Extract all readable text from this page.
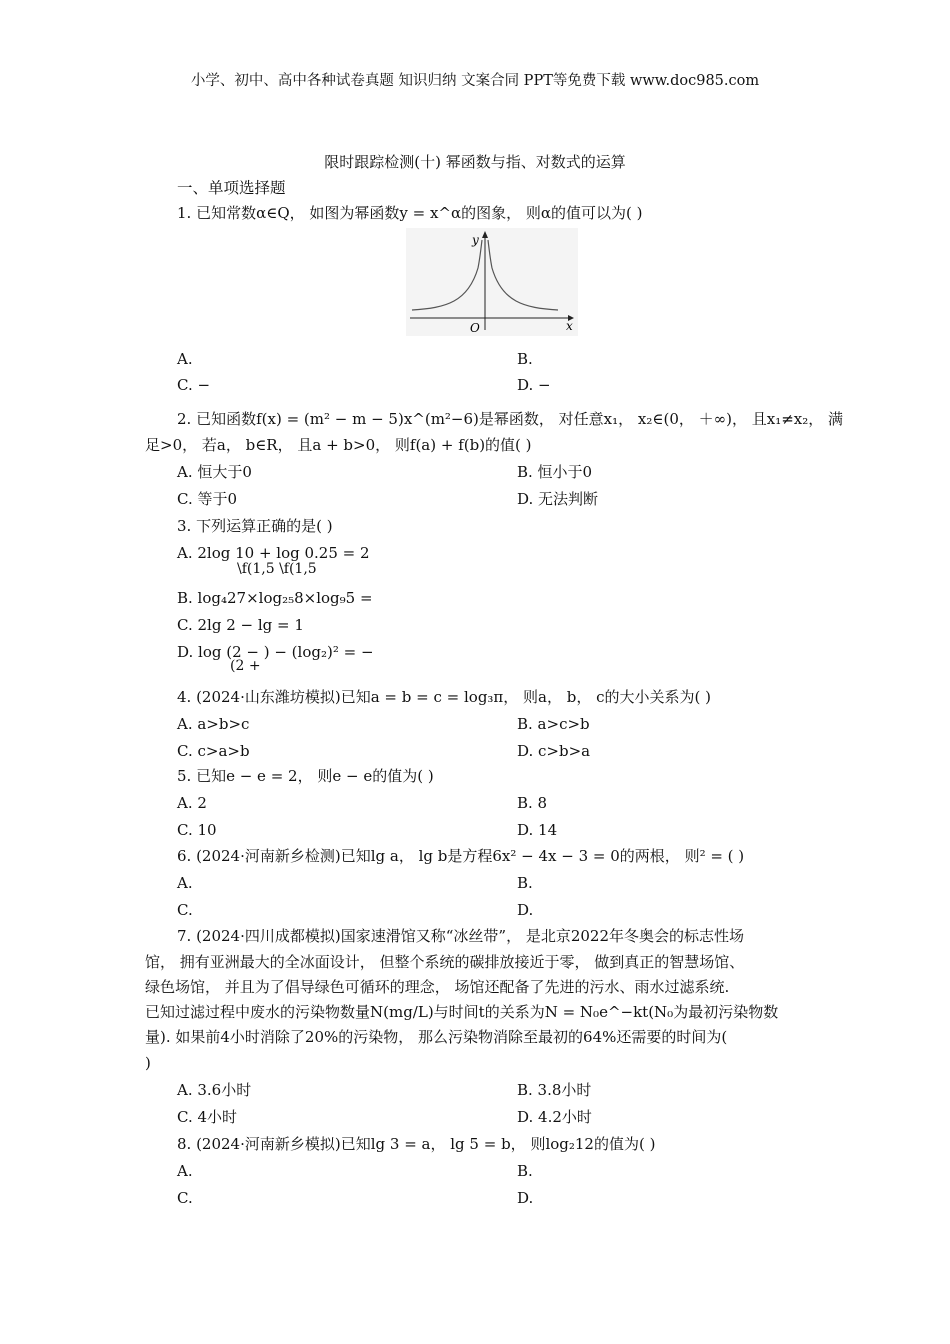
小学、初中、高中各种试卷真题 知识归纳 文案合同 PPT等免费下载 www.doc985.com
限时跟踪检测(十) 幂函数与指、对数式的运算
一、单项选择题
1. 已知常数α∈Q， 如图为幂函数y = x^α的图象， 则α的值可以为( )
y
x
O
A.	B.
C. −	D. −
2. 已知函数f(x) = (m² − m − 5)x^(m²−6)是幂函数， 对任意x₁， x₂∈(0， ＋∞)， 且x₁≠x₂， 满
足>0， 若a， b∈R， 且a + b>0， 则f(a) + f(b)的值( )
A. 恒大于0	B. 恒小于0
C. 等于0	D. 无法判断
3. 下列运算正确的是( )
A. 2log 10 + log 0.25 = 2
\f(1,5 \f(1,5
B. log₄27×log₂₅8×log₉5 =
C. 2lg 2 − lg = 1
D. log (2 − ) − (log₂)² = −
(2 +
4. (2024·山东潍坊模拟)已知a = b = c = log₃π， 则a， b， c的大小关系为( )
A. a>b>c	B. a>c>b
C. c>a>b	D. c>b>a
5. 已知e − e = 2， 则e − e的值为( )
A. 2	B. 8
C. 10	D. 14
6. (2024·河南新乡检测)已知lg a， lg b是方程6x² − 4x − 3 = 0的两根， 则² = ( )
A.	B.
C.	D.
7. (2024·四川成都模拟)国家速滑馆又称“冰丝带”， 是北京2022年冬奥会的标志性场
馆， 拥有亚洲最大的全冰面设计， 但整个系统的碳排放接近于零， 做到真正的智慧场馆、
绿色场馆， 并且为了倡导绿色可循环的理念， 场馆还配备了先进的污水、雨水过滤系统.
已知过滤过程中废水的污染物数量N(mg/L)与时间t的关系为N = N₀e^−kt(N₀为最初污染物数
量). 如果前4小时消除了20%的污染物， 那么污染物消除至最初的64%还需要的时间为(
)
A. 3.6小时	B. 3.8小时
C. 4小时	D. 4.2小时
8. (2024·河南新乡模拟)已知lg 3 = a， lg 5 = b， 则log₂12的值为( )
A.	B.
C.	D.
